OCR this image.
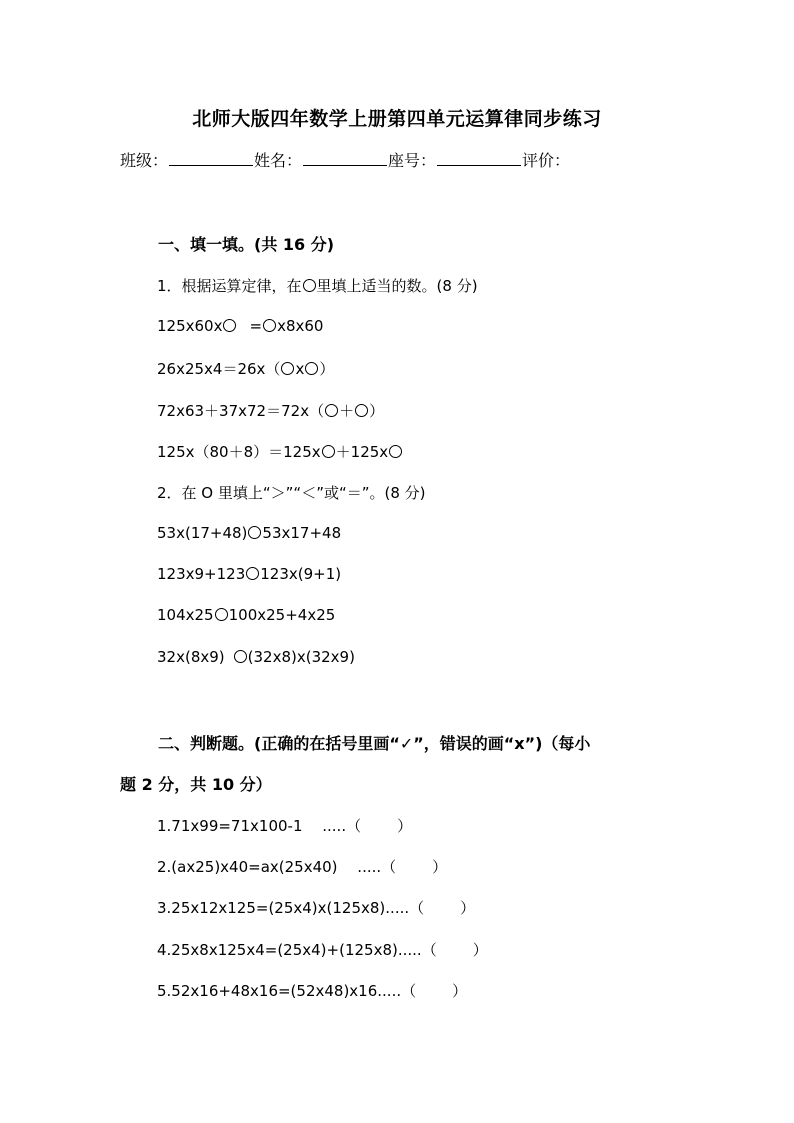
北师大版四年数学上册第四单元运算律同步练习
班级：	姓名：	座号：	评价：
一、填一填。(共 16 分)
1．根据运算定律，在 里填上适当的数。(8 分)
125x60x = x8x60
26x25x4＝26x（ x ）
72x63＋37x72＝72x（ ＋ ）
125x（80＋8）＝125x ＋125x
2．在 O 里填上“＞”“＜”或“＝”。(8 分)
53x(17+48) 53x17+48
123x9+123 123x(9+1)
104x25 100x25+4x25
32x(8x9) (32x8)x(32x9)
二、判断题。(正确的在括号里画“✓”，错误的画“x”)（每小
题 2 分，共 10 分）
1.71x99=71x100-1　 .....（ ）
2.(ax25)x40=ax(25x40)　 .....（ ）
3.25x12x125=(25x4)x(125x8).....（ ）
4.25x8x125x4=(25x4)+(125x8).....（ ）
5.52x16+48x16=(52x48)x16.....（ ）
